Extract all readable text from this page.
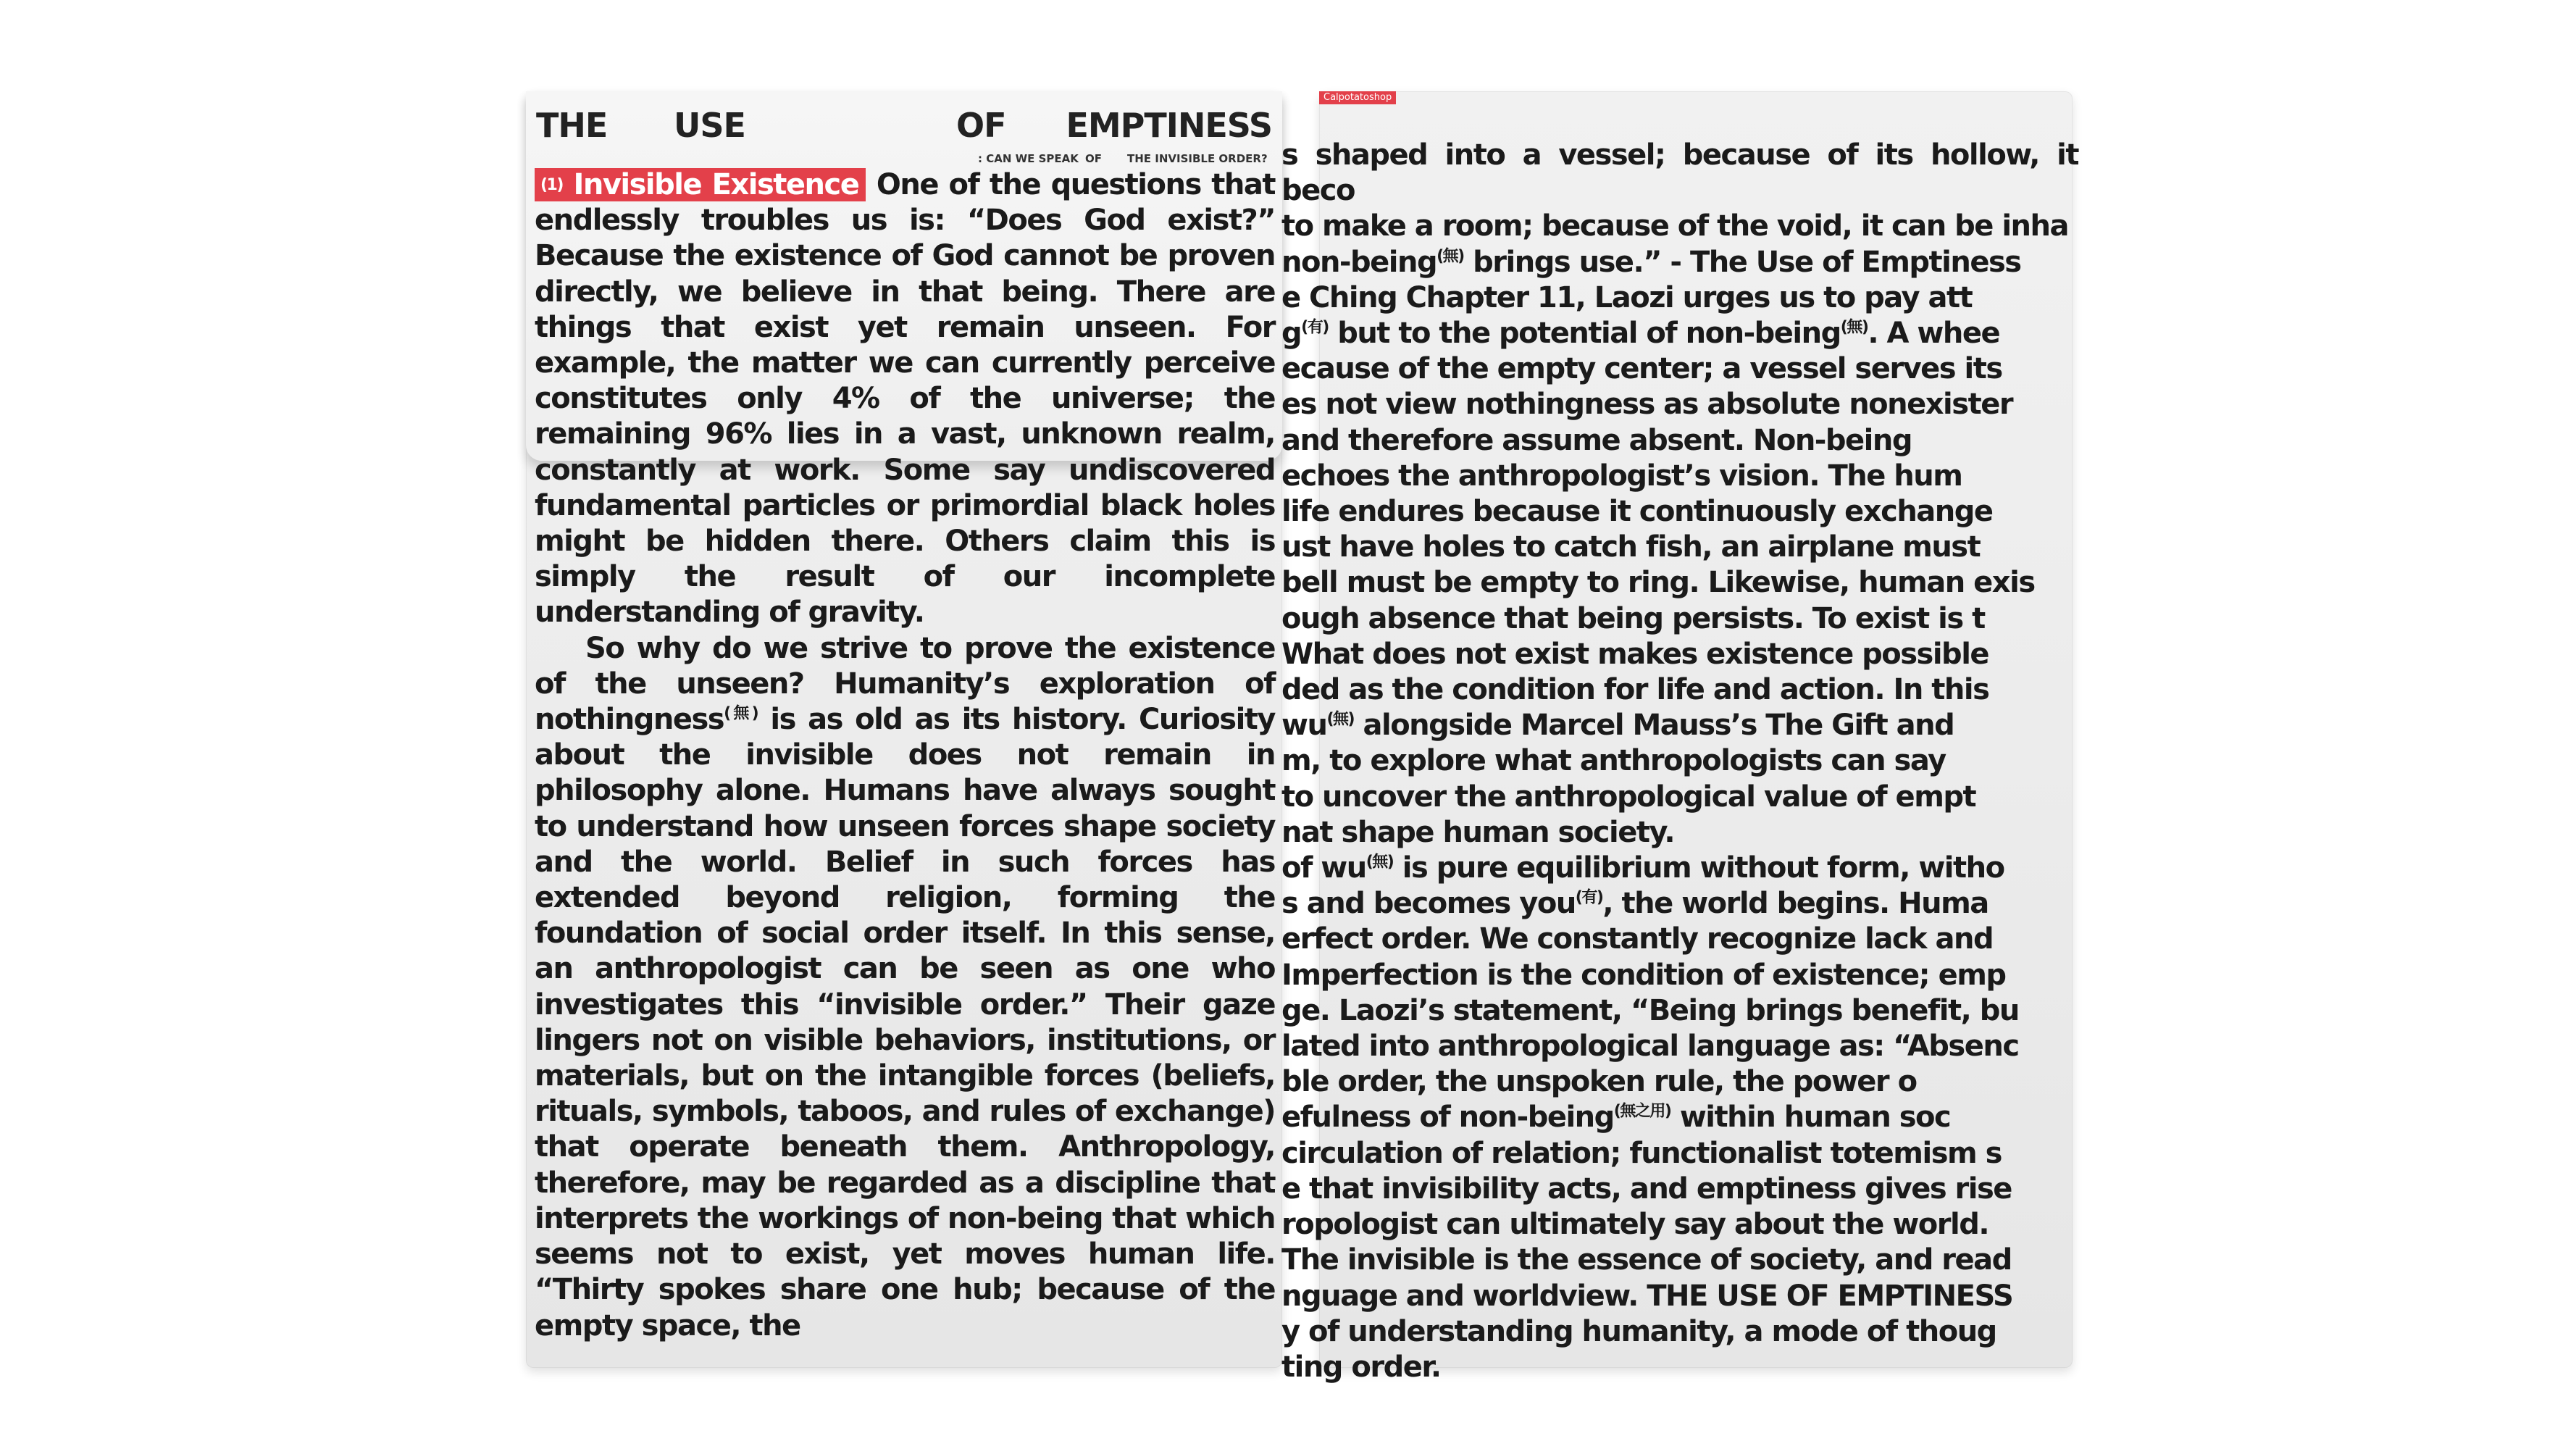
THE USE	OF EMPTINESS
: CAN WE SPEAK OF THE INVISIBLE ORDER?

$^{(1)}$ Invisible Existence One of the questions that endlessly troubles us is: “Does God exist?” Because the existence of God cannot be proven directly, we believe in that being. There are things that exist yet remain unseen. For example, the matter we can currently perceive constitutes only 4% of the universe; the remaining 96% lies in a vast, unknown realm, constantly at work. Some say undiscovered fundamental particles or primordial black holes might be hidden there. Others claim this is simply the result of our incomplete understanding of gravity.

So why do we strive to prove the existence of the unseen? Humanity’s exploration of nothingness$^{(無)}$ is as old as its history. Curiosity about the invisible does not remain in philosophy alone. Humans have always sought to understand how unseen forces shape society and the world. Belief in such forces has extended beyond religion, forming the foundation of social order itself. In this sense, an anthropologist can be seen as one who investigates this “invisible order.” Their gaze lingers not on visible behaviors, institutions, or materials, but on the intangible forces (beliefs, rituals, symbols, taboos, and rules of exchange) that operate beneath them. Anthropology, therefore, may be regarded as a discipline that interprets the workings of non-being that which seems not to exist, yet moves human life. “Thirty spokes share one hub; because of the empty space, the

Calpotatoshop

s shaped into a vessel; because of its hollow, it beco

to make a room; because of the void, it can be inha

non-being$^{(無)}$ brings use.” - The Use of Emptiness

e Ching Chapter 11, Laozi urges us to pay att

$g^{(有)}$ but to the potential of non-being$^{(無)}$. A whee

ecause of the empty center; a vessel serves its

es not view nothingness as absolute nonexister

and therefore assume absent. Non-being

echoes the anthropologist’s vision. The hum

life endures because it continuously exchange

ust have holes to catch fish, an airplane must

bell must be empty to ring. Likewise, human exis

ough absence that being persists. To exist is t

What does not exist makes existence possible

ded as the condition for life and action. In this

$wu^{(無)}$ alongside Marcel Mauss’s The Gift and

m, to explore what anthropologists can say

to uncover the anthropological value of empt

nat shape human society.

of $wu^{(無)}$ is pure equilibrium without form, witho

s and becomes you$^{(有)}$, the world begins. Huma

erfect order. We constantly recognize lack and

Imperfection is the condition of existence; emp

ge. Laozi’s statement, “Being brings benefit, bu

lated into anthropological language as: “Absenc

ble order, the unspoken rule, the power o

efulness of non-being$^{(無之用)}$ within human soc

circulation of relation; functionalist totemism s

e that invisibility acts, and emptiness gives rise

ropologist can ultimately say about the world.

The invisible is the essence of society, and read

nguage and worldview. THE USE OF EMPTINESS

y of understanding humanity, a mode of thoug

ting order.
